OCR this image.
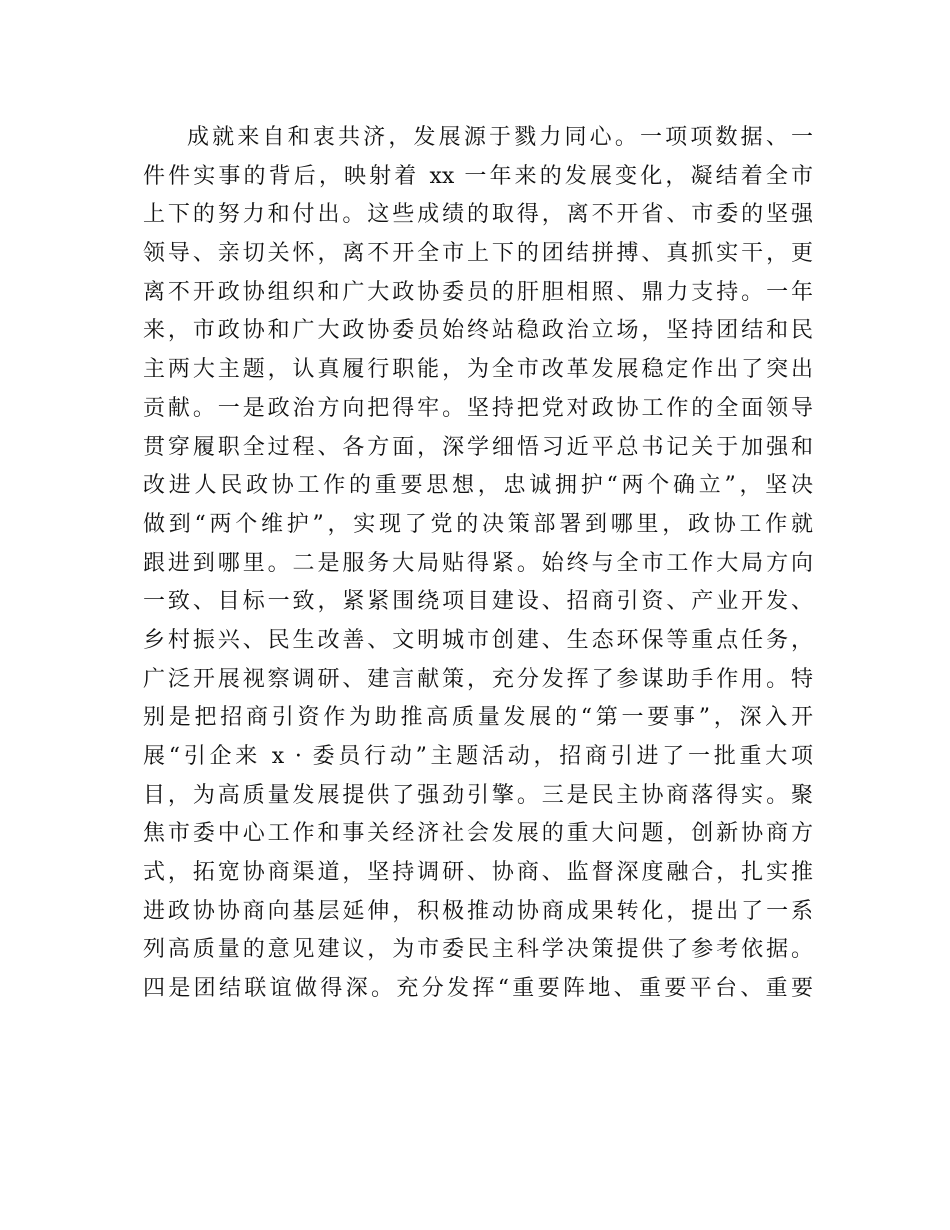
成就来自和衷共济，发展源于戮力同心。一项项数据、一
件件实事的背后，映射着 xx 一年来的发展变化，凝结着全市
上下的努力和付出。这些成绩的取得，离不开省、市委的坚强
领导、亲切关怀，离不开全市上下的团结拼搏、真抓实干，更
离不开政协组织和广大政协委员的肝胆相照、鼎力支持。一年
来，市政协和广大政协委员始终站稳政治立场，坚持团结和民
主两大主题，认真履行职能，为全市改革发展稳定作出了突出
贡献。一是政治方向把得牢。坚持把党对政协工作的全面领导
贯穿履职全过程、各方面，深学细悟习近平总书记关于加强和
改进人民政协工作的重要思想，忠诚拥护“两个确立”，坚决
做到“两个维护”，实现了党的决策部署到哪里，政协工作就
跟进到哪里。二是服务大局贴得紧。始终与全市工作大局方向
一致、目标一致，紧紧围绕项目建设、招商引资、产业开发、
乡村振兴、民生改善、文明城市创建、生态环保等重点任务，
广泛开展视察调研、建言献策，充分发挥了参谋助手作用。特
别是把招商引资作为助推高质量发展的“第一要事”，深入开
展“引企来 x · 委员行动”主题活动，招商引进了一批重大项
目，为高质量发展提供了强劲引擎。三是民主协商落得实。聚
焦市委中心工作和事关经济社会发展的重大问题，创新协商方
式，拓宽协商渠道，坚持调研、协商、监督深度融合，扎实推
进政协协商向基层延伸，积极推动协商成果转化，提出了一系
列高质量的意见建议，为市委民主科学决策提供了参考依据。
四是团结联谊做得深。充分发挥“重要阵地、重要平台、重要
